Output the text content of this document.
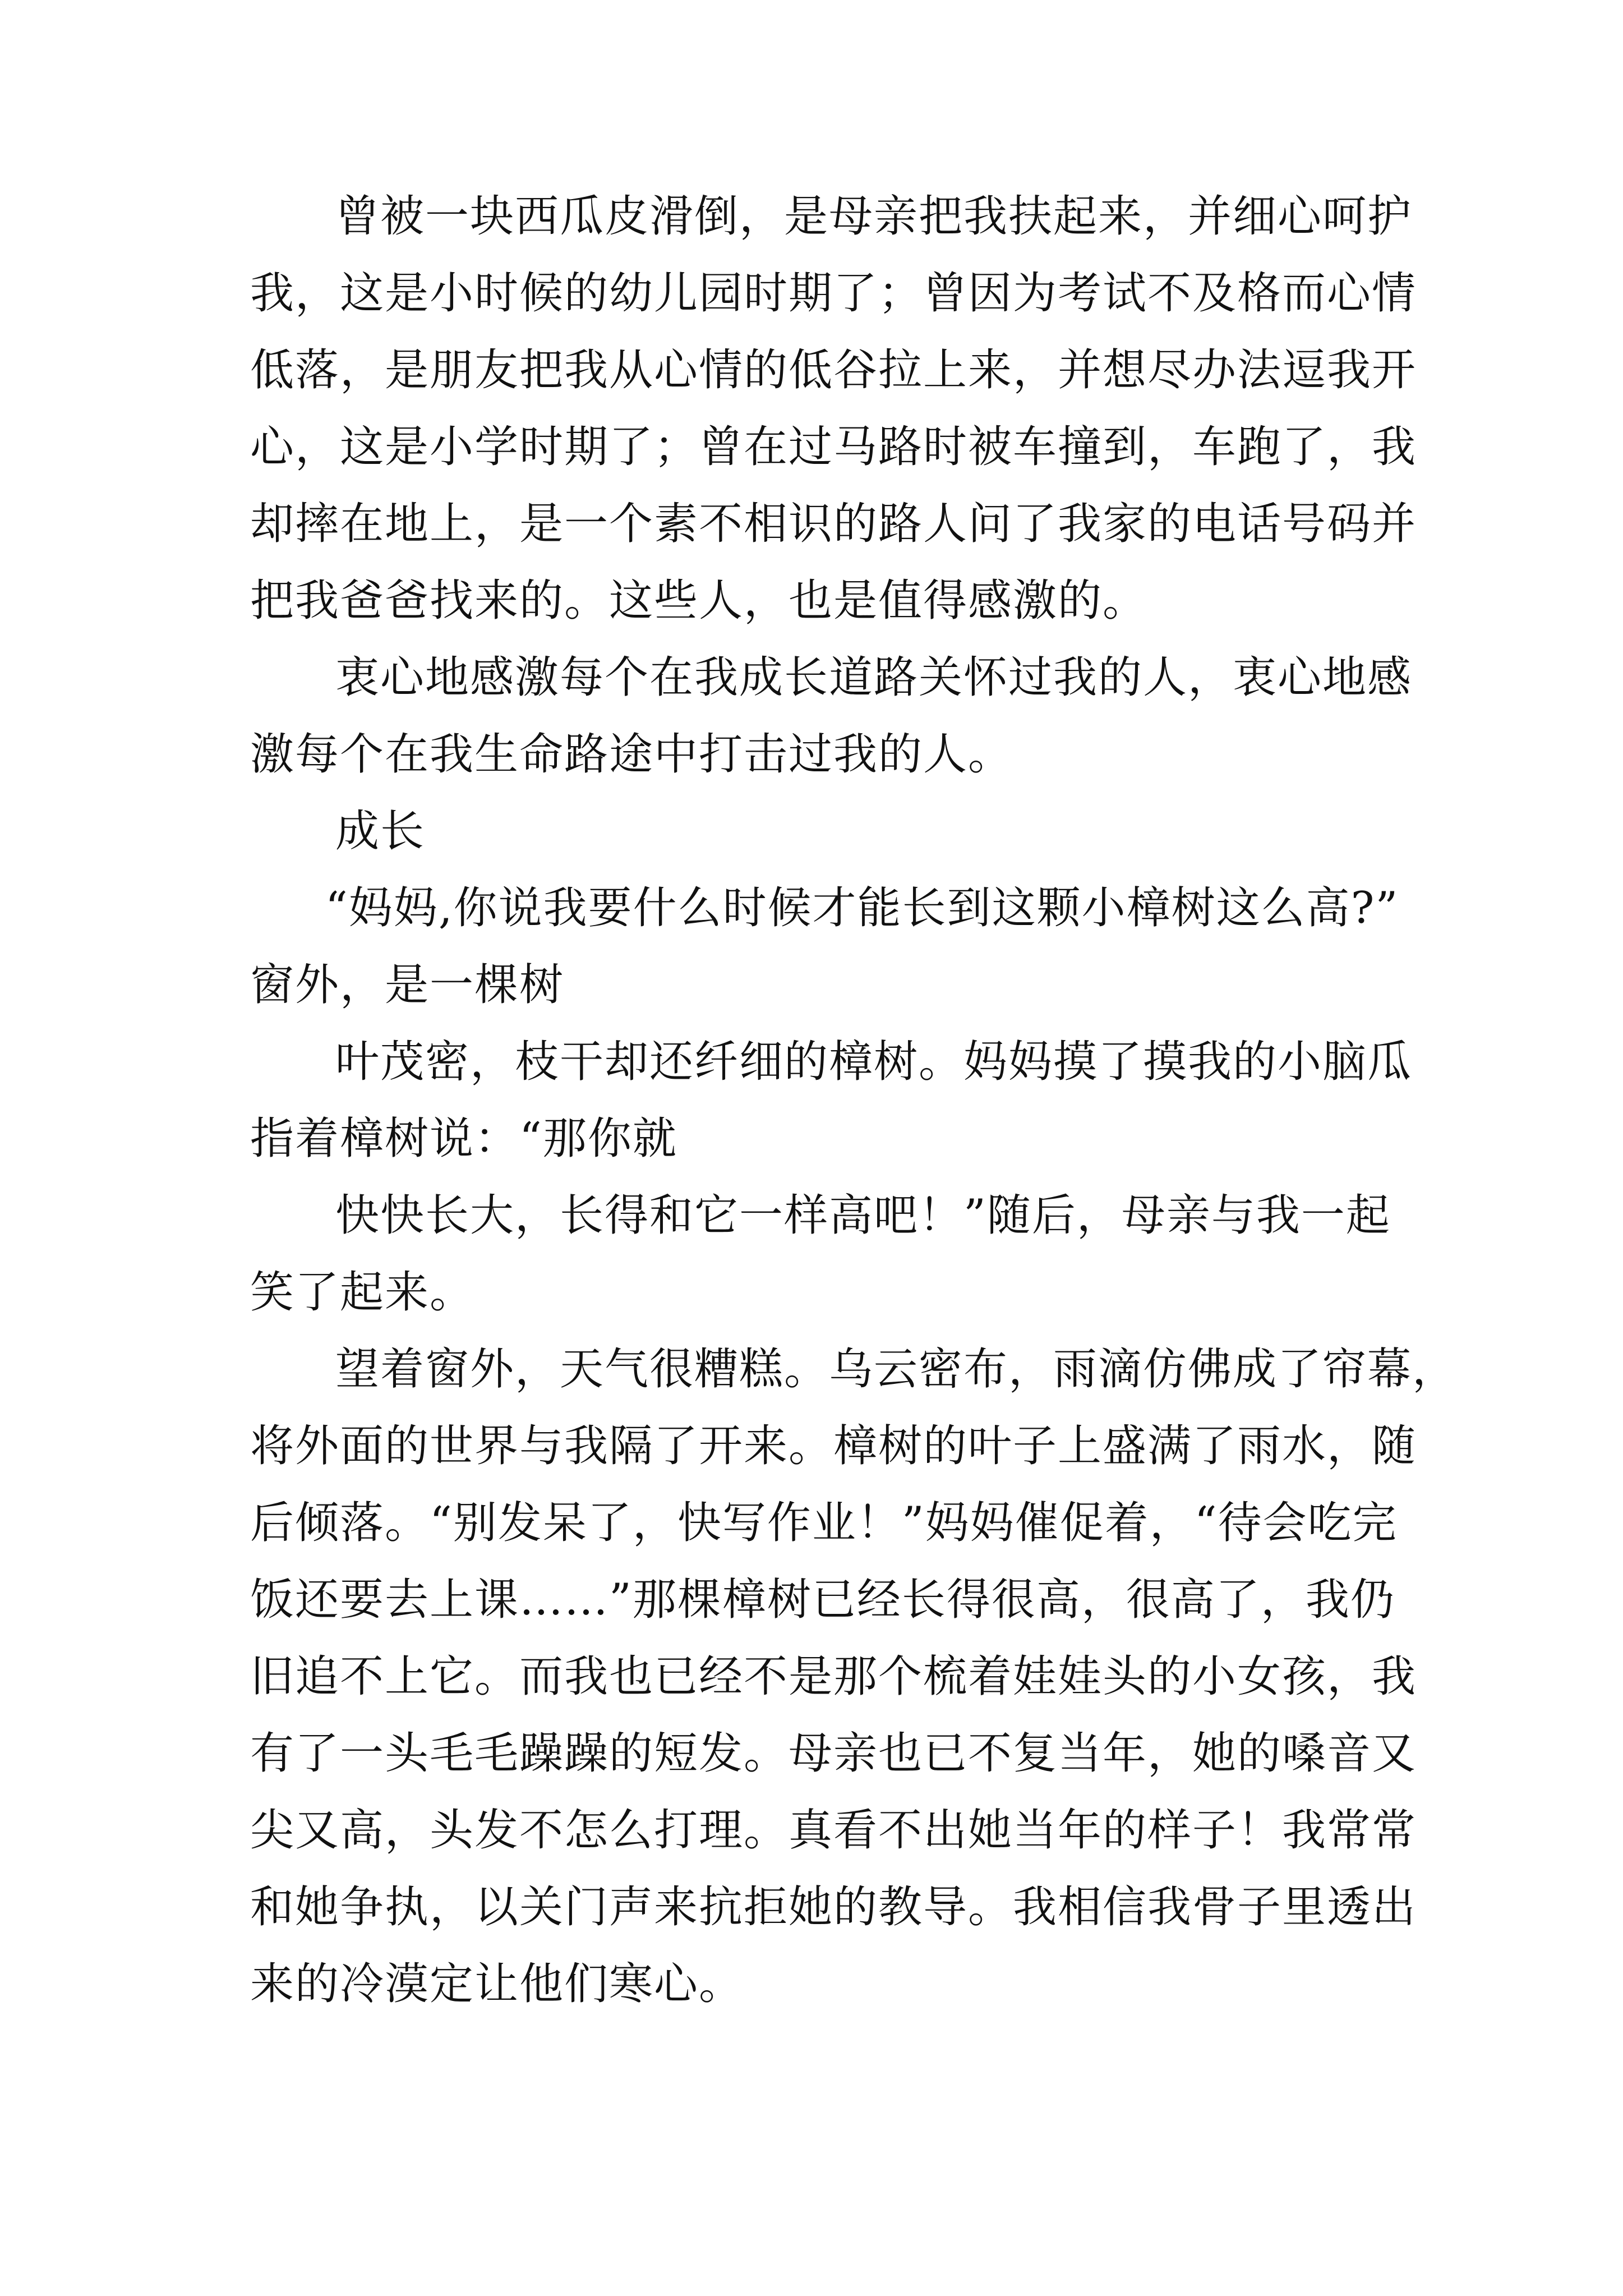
曾被一块西瓜皮滑倒，是母亲把我扶起来，并细心呵护
我，这是小时候的幼儿园时期了；曾因为考试不及格而心情
低落，是朋友把我从心情的低谷拉上来，并想尽办法逗我开
心，这是小学时期了；曾在过马路时被车撞到，车跑了，我
却摔在地上，是一个素不相识的路人问了我家的电话号码并
把我爸爸找来的。这些人，也是值得感激的。
衷心地感激每个在我成长道路关怀过我的人，衷心地感
激每个在我生命路途中打击过我的人。
成长
“妈妈,你说我要什么时候才能长到这颗小樟树这么高?”
窗外，是一棵树
叶茂密，枝干却还纤细的樟树。妈妈摸了摸我的小脑瓜
指着樟树说：“那你就
快快长大，长得和它一样高吧！”随后，母亲与我一起
笑了起来。
望着窗外，天气很糟糕。乌云密布，雨滴仿佛成了帘幕，
将外面的世界与我隔了开来。樟树的叶子上盛满了雨水，随
后倾落。“别发呆了，快写作业！”妈妈催促着，“待会吃完
饭还要去上课……”那棵樟树已经长得很高，很高了，我仍
旧追不上它。而我也已经不是那个梳着娃娃头的小女孩，我
有了一头毛毛躁躁的短发。母亲也已不复当年，她的嗓音又
尖又高，头发不怎么打理。真看不出她当年的样子！我常常
和她争执，以关门声来抗拒她的教导。我相信我骨子里透出
来的冷漠定让他们寒心。
